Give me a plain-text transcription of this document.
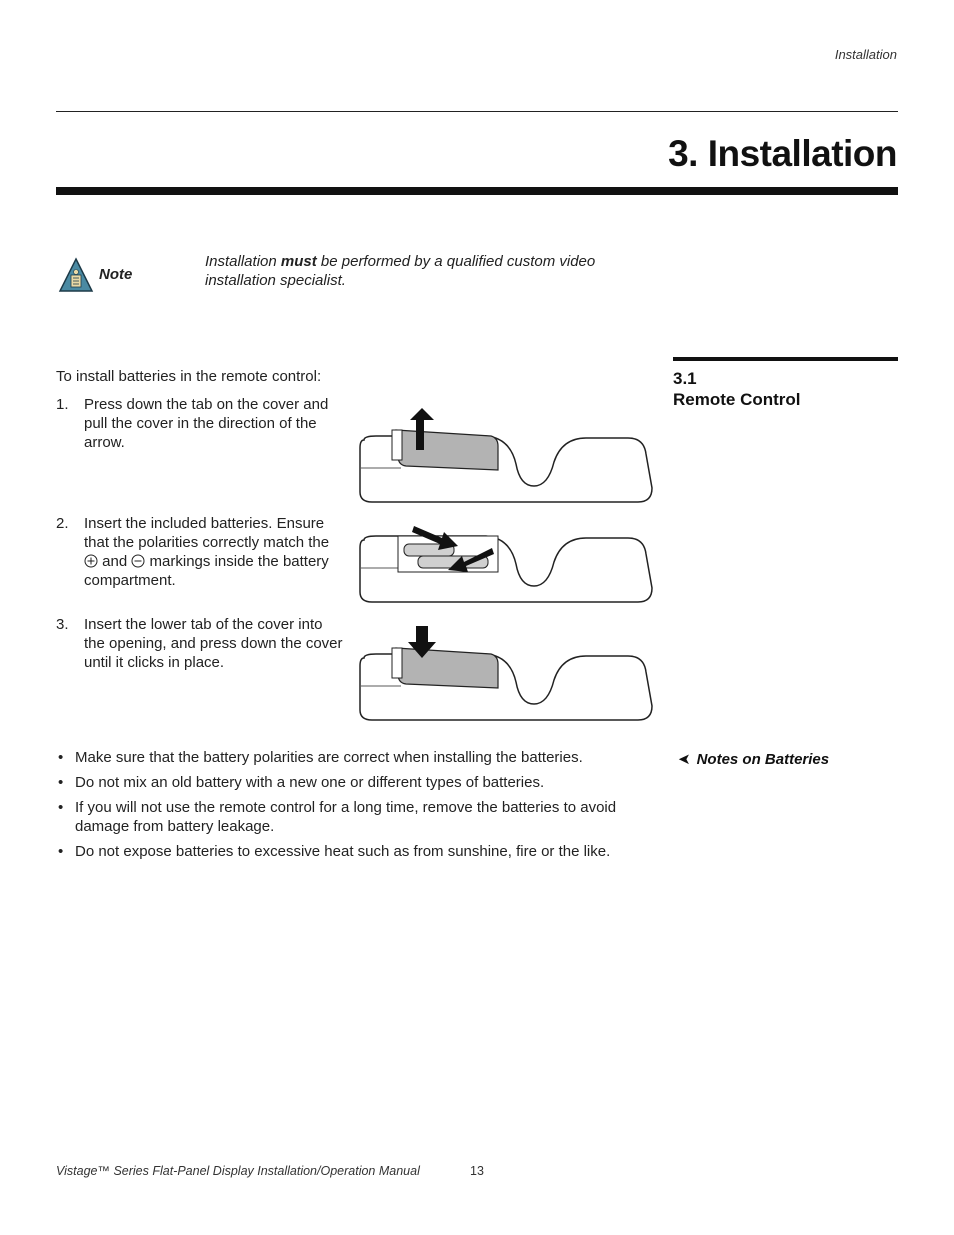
Installation
3. Installation
Note
Installation must be performed by a qualified custom video installation specialist.
3.1
Remote Control
To install batteries in the remote control:
1. Press down the tab on the cover and pull the cover in the direction of the arrow.
2. Insert the included batteries. Ensure that the polarities correctly match the  and  markings inside the battery compartment.
3. Insert the lower tab of the cover into the opening, and press down the cover until it clicks in place.
➤ Notes on Batteries
• Make sure that the battery polarities are correct when installing the batteries.
• Do not mix an old battery with a new one or different types of batteries.
• If you will not use the remote control for a long time, remove the batteries to avoid damage from battery leakage.
• Do not expose batteries to excessive heat such as from sunshine, fire or the like.
Vistage™ Series Flat-Panel Display Installation/Operation Manual	13
